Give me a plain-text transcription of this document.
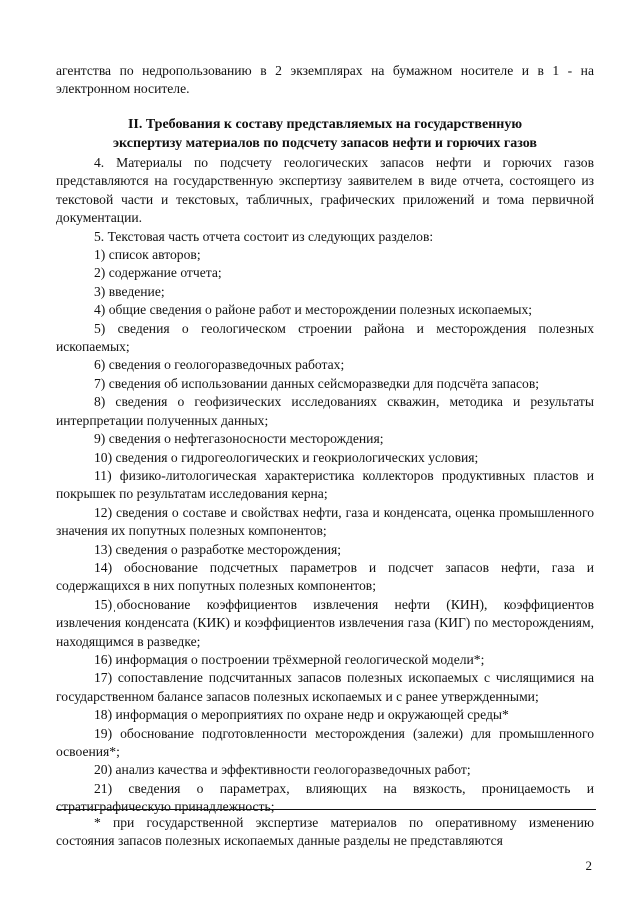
агентства по недропользованию в 2 экземплярах на бумажном носителе и в 1 - на электронном носителе.

II. Требования к составу представляемых на государственную
экспертизу материалов по подсчету запасов нефти и горючих газов

4. Материалы по подсчету геологических запасов нефти и горючих газов представляются на государственную экспертизу заявителем в виде отчета, состоящего из текстовой части и текстовых, табличных, графических приложений и тома первичной документации.

5. Текстовая часть отчета состоит из следующих разделов:

1) список авторов;

2) содержание отчета;

3) введение;

4) общие сведения о районе работ и месторождении полезных ископаемых;

5) сведения о геологическом строении района и месторождения полезных ископаемых;

6) сведения о геологоразведочных работах;

7) сведения об использовании данных сейсморазведки для подсчёта запасов;

8) сведения о геофизических исследованиях скважин, методика и результаты интерпретации полученных данных;

9) сведения о нефтегазоносности месторождения;

10) сведения о гидрогеологических и геокриологических условия;

11) физико-литологическая характеристика коллекторов продуктивных пластов и покрышек по результатам исследования керна;

12) сведения о составе и свойствах нефти, газа и конденсата, оценка промышленного значения их попутных полезных компонентов;

13) сведения о разработке месторождения;

14) обоснование подсчетных параметров и подсчет запасов нефти, газа и содержащихся в них попутных полезных компонентов;

15)ˌобоснование коэффициентов извлечения нефти (КИН), коэффициентов извлечения конденсата (КИК) и коэффициентов извлечения газа (КИГ) по месторождениям, находящимся в разведке;

16) информация о построении трёхмерной геологической модели*;

17) сопоставление подсчитанных запасов полезных ископаемых с числящимися на государственном балансе запасов полезных ископаемых и с ранее утвержденными;

18) информация о мероприятиях по охране недр и окружающей среды*

19) обоснование подготовленности месторождения (залежи) для промышленного освоения*;

20) анализ качества и эффективности геологоразведочных работ;

21) сведения о параметрах, влияющих на вязкость, проницаемость и стратиграфическую принадлежность;

* при государственной экспертизе материалов по оперативному изменению состояния запасов полезных ископаемых данные разделы не представляются

2
